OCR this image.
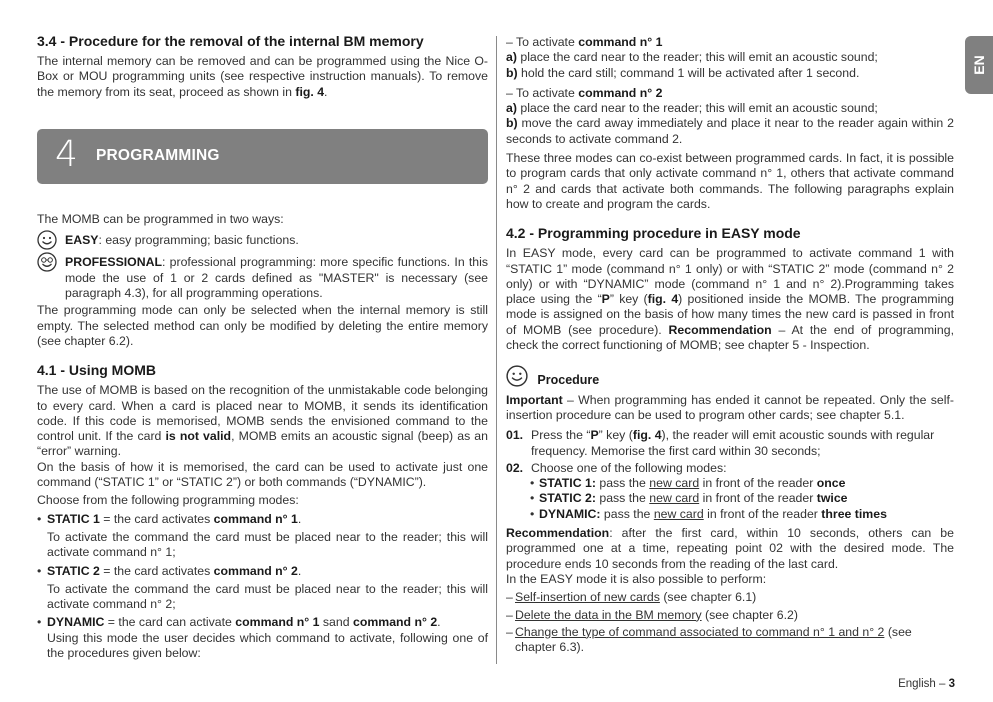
3.4 - Procedure for the removal of the internal BM memory

The internal memory can be removed and can be programmed using the Nice O-Box or MOU programming units (see respective instruction manuals). To remove the memory from its seat, proceed as shown in fig. 4.

4 PROGRAMMING

The MOMB can be programmed in two ways:

EASY: easy programming; basic functions.

PROFESSIONAL: professional programming: more specific functions. In this mode the use of 1 or 2 cards defined as "MASTER" is necessary (see paragraph 4.3), for all programming operations.

The programming mode can only be selected when the internal memory is still empty. The selected method can only be modified by deleting the entire memory (see chapter 6.2).

4.1 - Using MOMB

The use of MOMB is based on the recognition of the unmistakable code belonging to every card. When a card is placed near to MOMB, it sends its identification code. If this code is memorised, MOMB sends the envisioned command to the control unit. If the card is not valid, MOMB emits an acoustic signal (beep) as an “error” warning.

On the basis of how it is memorised, the card can be used to activate just one command (“STATIC 1” or “STATIC 2”) or both commands (“DYNAMIC”).

Choose from the following programming modes:

• STATIC 1 = the card activates command n° 1.

To activate the command the card must be placed near to the reader; this will activate command n° 1;

• STATIC 2 = the card activates command n° 2.

To activate the command the card must be placed near to the reader; this will activate command n° 2;

• DYNAMIC = the card can activate command n° 1 sand command n° 2.

Using this mode the user decides which command to activate, following one of the procedures given below:

– To activate command n° 1

a) place the card near to the reader; this will emit an acoustic sound;

b) hold the card still; command 1 will be activated after 1 second.

– To activate command n° 2

a) place the card near to the reader; this will emit an acoustic sound;

b) move the card away immediately and place it near to the reader again within 2 seconds to activate command 2.

These three modes can co-exist between programmed cards. In fact, it is possible to program cards that only activate command n° 1, others that activate command n° 2 and cards that activate both commands. The following paragraphs explain how to create and program the cards.

4.2 - Programming procedure in EASY mode

In EASY mode, every card can be programmed to activate command 1 with “STATIC 1” mode (command n° 1 only) or with “STATIC 2” mode (command n° 2 only) or with “DYNAMIC” mode (command n° 1 and n° 2).Programming takes place using the “P” key (fig. 4) positioned inside the MOMB. The programming mode is assigned on the basis of how many times the new card is passed in front of MOMB (see procedure). Recommendation – At the end of programming, check the correct functioning of MOMB; see chapter 5 - Inspection.

Procedure

Important – When programming has ended it cannot be repeated. Only the self-insertion procedure can be used to program other cards; see chapter 5.1.

01. Press the “P” key (fig. 4), the reader will emit acoustic sounds with regular frequency. Memorise the first card within 30 seconds;

02. Choose one of the following modes:

• STATIC 1: pass the new card in front of the reader once

• STATIC 2: pass the new card in front of the reader twice

• DYNAMIC: pass the new card in front of the reader three times

Recommendation: after the first card, within 10 seconds, others can be programmed one at a time, repeating point 02 with the desired mode. The procedure ends 10 seconds from the reading of the last card.

In the EASY mode it is also possible to perform:

– Self-insertion of new cards (see chapter 6.1)

– Delete the data in the BM memory (see chapter 6.2)

– Change the type of command associated to command n° 1 and n° 2 (see chapter 6.3).

EN
English – 3
